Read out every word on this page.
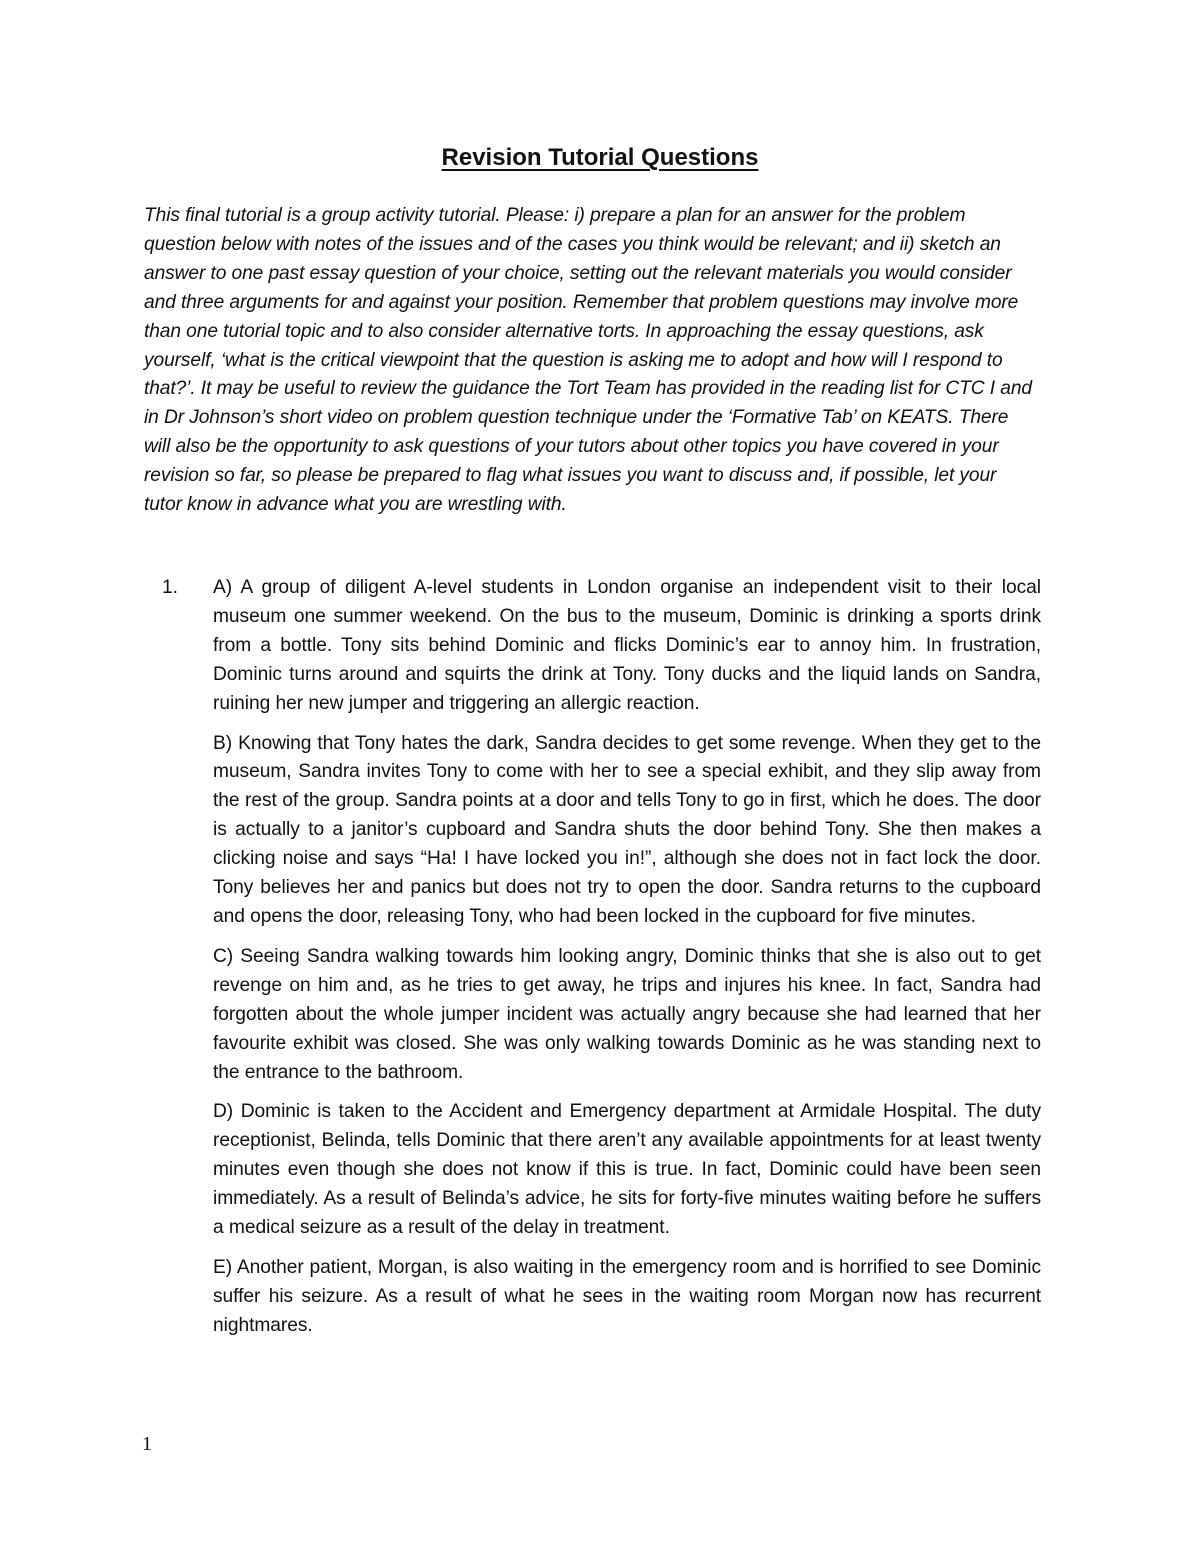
Revision Tutorial Questions

This final tutorial is a group activity tutorial. Please: i) prepare a plan for an answer for the problem question below with notes of the issues and of the cases you think would be relevant; and ii) sketch an answer to one past essay question of your choice, setting out the relevant materials you would consider and three arguments for and against your position. Remember that problem questions may involve more than one tutorial topic and to also consider alternative torts. In approaching the essay questions, ask yourself, ‘what is the critical viewpoint that the question is asking me to adopt and how will I respond to that?’. It may be useful to review the guidance the Tort Team has provided in the reading list for CTC I and in Dr Johnson’s short video on problem question technique under the ‘Formative Tab’ on KEATS. There will also be the opportunity to ask questions of your tutors about other topics you have covered in your revision so far, so please be prepared to flag what issues you want to discuss and, if possible, let your tutor know in advance what you are wrestling with.

1. A) A group of diligent A-level students in London organise an independent visit to their local museum one summer weekend. On the bus to the museum, Dominic is drinking a sports drink from a bottle. Tony sits behind Dominic and flicks Dominic’s ear to annoy him. In frustration, Dominic turns around and squirts the drink at Tony. Tony ducks and the liquid lands on Sandra, ruining her new jumper and triggering an allergic reaction.

B) Knowing that Tony hates the dark, Sandra decides to get some revenge. When they get to the museum, Sandra invites Tony to come with her to see a special exhibit, and they slip away from the rest of the group. Sandra points at a door and tells Tony to go in first, which he does. The door is actually to a janitor’s cupboard and Sandra shuts the door behind Tony. She then makes a clicking noise and says “Ha! I have locked you in!”, although she does not in fact lock the door. Tony believes her and panics but does not try to open the door. Sandra returns to the cupboard and opens the door, releasing Tony, who had been locked in the cupboard for five minutes.

C) Seeing Sandra walking towards him looking angry, Dominic thinks that she is also out to get revenge on him and, as he tries to get away, he trips and injures his knee. In fact, Sandra had forgotten about the whole jumper incident was actually angry because she had learned that her favourite exhibit was closed. She was only walking towards Dominic as he was standing next to the entrance to the bathroom.

D) Dominic is taken to the Accident and Emergency department at Armidale Hospital. The duty receptionist, Belinda, tells Dominic that there aren’t any available appointments for at least twenty minutes even though she does not know if this is true. In fact, Dominic could have been seen immediately. As a result of Belinda’s advice, he sits for forty-five minutes waiting before he suffers a medical seizure as a result of the delay in treatment.

E) Another patient, Morgan, is also waiting in the emergency room and is horrified to see Dominic suffer his seizure. As a result of what he sees in the waiting room Morgan now has recurrent nightmares.

1
